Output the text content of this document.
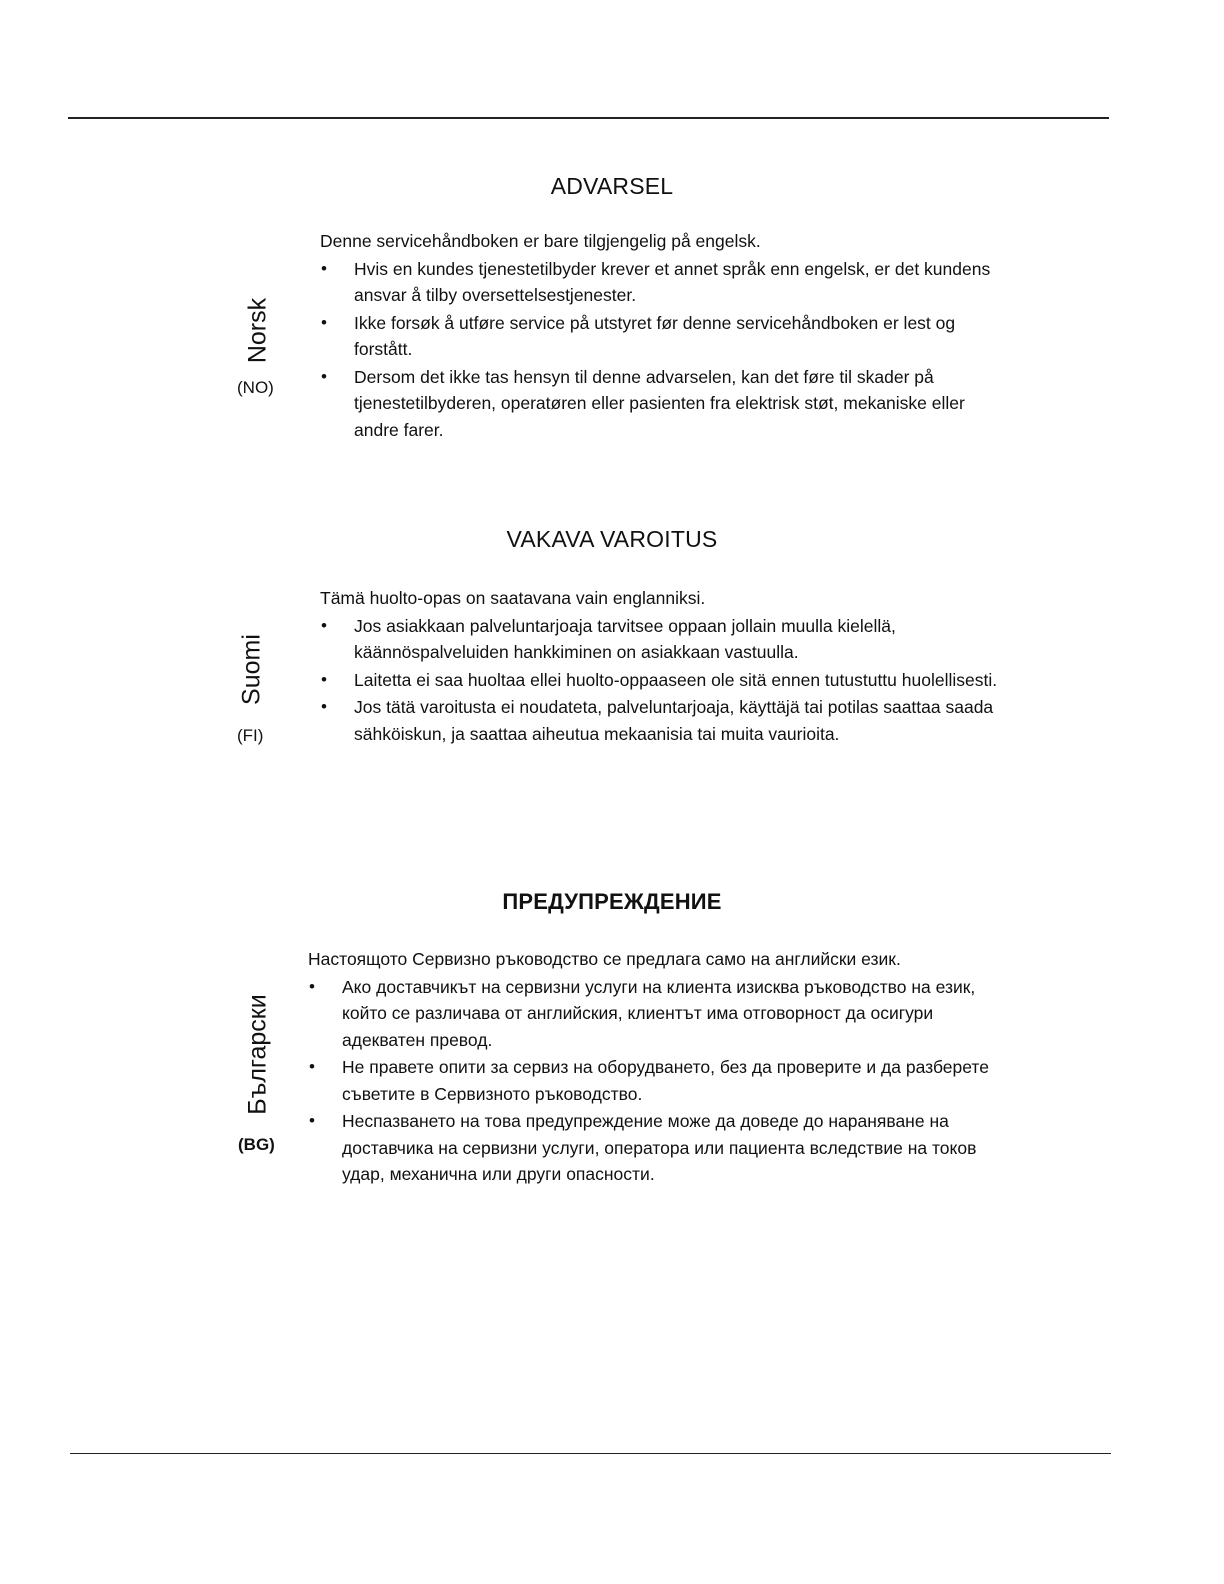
ADVARSEL
Norsk
(NO)

Denne servicehåndboken er bare tilgjengelig på engelsk.

• Hvis en kundes tjenestetilbyder krever et annet språk enn engelsk, er det kundens ansvar å tilby oversettelsestjenester.
• Ikke forsøk å utføre service på utstyret før denne servicehåndboken er lest og forstått.
• Dersom det ikke tas hensyn til denne advarselen, kan det føre til skader på tjenestetilbyderen, operatøren eller pasienten fra elektrisk støt, mekaniske eller andre farer.
VAKAVA VAROITUS
Suomi
(FI)

Tämä huolto-opas on saatavana vain englanniksi.

• Jos asiakkaan palveluntarjoaja tarvitsee oppaan jollain muulla kielellä, käännöspalveluiden hankkiminen on asiakkaan vastuulla.
• Laitetta ei saa huoltaa ellei huolto-oppaaseen ole sitä ennen tutustuttu huolellisesti.
• Jos tätä varoitusta ei noudateta, palveluntarjoaja, käyttäjä tai potilas saattaa saada sähköiskun, ja saattaa aiheutua mekaanisia tai muita vaurioita.
ПРЕДУПРЕЖДЕНИЕ
Български
(BG)

Настоящото Сервизно ръководство се предлага само на английски език.

• Ако доставчикът на сервизни услуги на клиента изисква ръководство на език, който се различава от английския, клиентът има отговорност да осигури адекватен превод.
• Не правете опити за сервиз на оборудването, без да проверите и да разберете съветите в Сервизното ръководство.
• Неспазването на това предупреждение може да доведе до нараняване на доставчика на сервизни услуги, оператора или пациента вследствие на токов удар, механична или други опасности.
